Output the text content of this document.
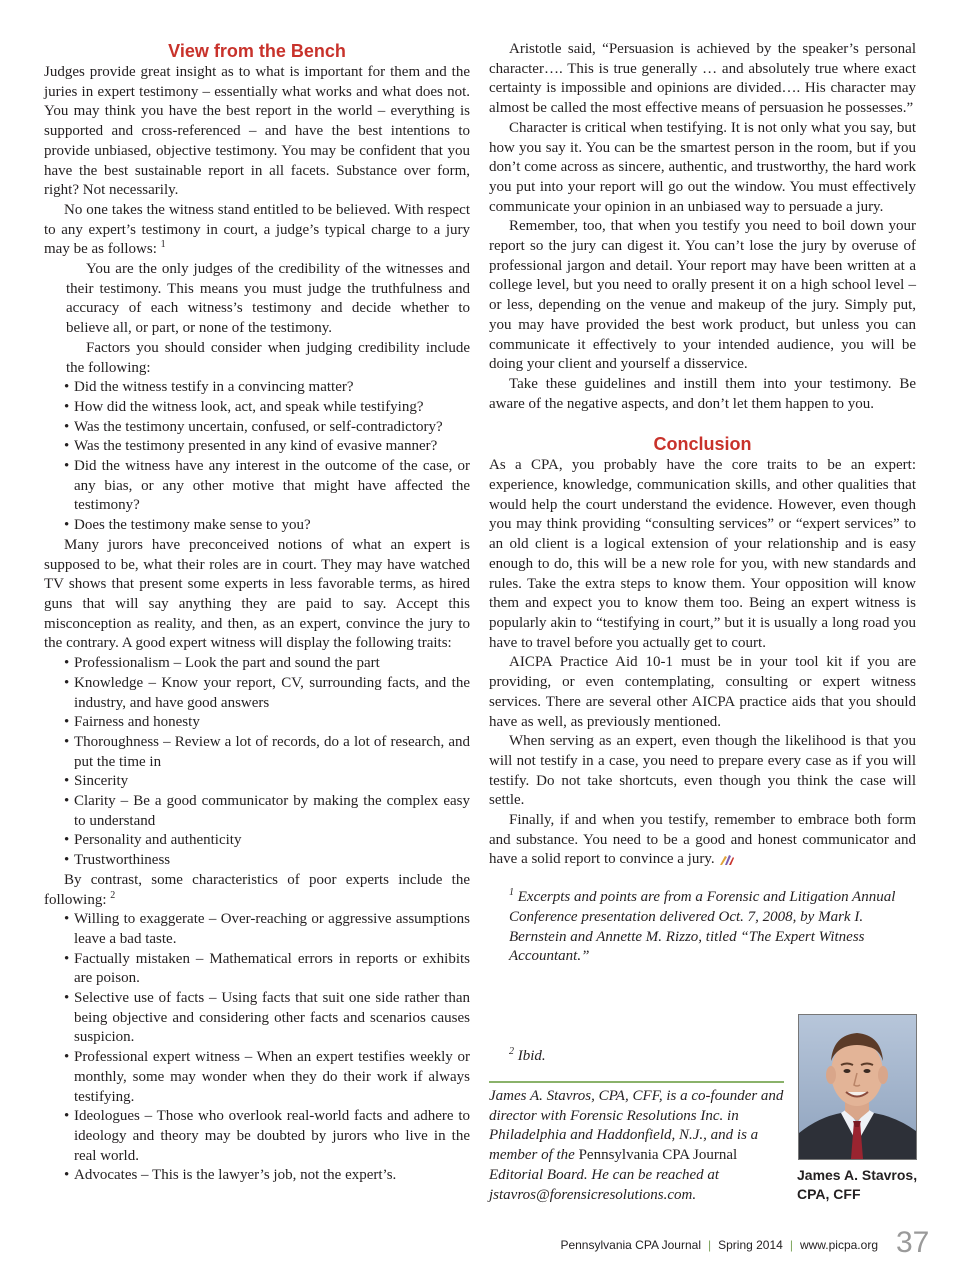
View from the Bench

Judges provide great insight as to what is important for them and the juries in expert testimony – essentially what works and what does not. You may think you have the best report in the world – everything is supported and cross-referenced – and have the best intentions to provide unbiased, objective testimony. You may be confident that you have the best sustainable report in all facets. Substance over form, right? Not necessarily.

No one takes the witness stand entitled to be believed. With respect to any expert’s testimony in court, a judge’s typical charge to a jury may be as follows: $^1$

You are the only judges of the credibility of the witnesses and their testimony. This means you must judge the truthfulness and accuracy of each witness’s testimony and decide whether to believe all, or part, or none of the testimony.

Factors you should consider when judging credibility include the following:

• Did the witness testify in a convincing matter?
• How did the witness look, act, and speak while testifying?
• Was the testimony uncertain, confused, or self-contradictory?
• Was the testimony presented in any kind of evasive manner?
• Did the witness have any interest in the outcome of the case, or any bias, or any other motive that might have affected the testimony?
• Does the testimony make sense to you?

Many jurors have preconceived notions of what an expert is supposed to be, what their roles are in court. They may have watched TV shows that present some experts in less favorable terms, as hired guns that will say anything they are paid to say. Accept this misconception as reality, and then, as an expert, convince the jury to the contrary. A good expert witness will display the following traits:

• Professionalism – Look the part and sound the part
• Knowledge – Know your report, CV, surrounding facts, and the industry, and have good answers
• Fairness and honesty
• Thoroughness – Review a lot of records, do a lot of research, and put the time in
• Sincerity
• Clarity – Be a good communicator by making the complex easy to understand
• Personality and authenticity
• Trustworthiness

By contrast, some characteristics of poor experts include the following: $^2$

• Willing to exaggerate – Over-reaching or aggressive assumptions leave a bad taste.
• Factually mistaken – Mathematical errors in reports or exhibits are poison.
• Selective use of facts – Using facts that suit one side rather than being objective and considering other facts and scenarios causes suspicion.
• Professional expert witness – When an expert testifies weekly or monthly, some may wonder when they do their work if always testifying.
• Ideologues – Those who overlook real-world facts and adhere to ideology and theory may be doubted by jurors who live in the real world.
• Advocates – This is the lawyer’s job, not the expert’s.

Aristotle said, “Persuasion is achieved by the speaker’s personal character…. This is true generally … and absolutely true where exact certainty is impossible and opinions are divided…. His character may almost be called the most effective means of persuasion he possesses.”

Character is critical when testifying. It is not only what you say, but how you say it. You can be the smartest person in the room, but if you don’t come across as sincere, authentic, and trustworthy, the hard work you put into your report will go out the window. You must effectively communicate your opinion in an unbiased way to persuade a jury.

Remember, too, that when you testify you need to boil down your report so the jury can digest it. You can’t lose the jury by overuse of professional jargon and detail. Your report may have been written at a college level, but you need to orally present it on a high school level – or less, depending on the venue and makeup of the jury. Simply put, you may have provided the best work product, but unless you can communicate it effectively to your intended audience, you will be doing your client and yourself a disservice.

Take these guidelines and instill them into your testimony. Be aware of the negative aspects, and don’t let them happen to you.

Conclusion

As a CPA, you probably have the core traits to be an expert: experience, knowledge, communication skills, and other qualities that would help the court understand the evidence. However, even though you may think providing “consulting services” or “expert services” to an old client is a logical extension of your relationship and is easy enough to do, this will be a new role for you, with new standards and rules. Take the extra steps to know them. Your opposition will know them and expect you to know them too. Being an expert witness is popularly akin to “testifying in court,” but it is usually a long road you have to travel before you actually get to court.

AICPA Practice Aid 10-1 must be in your tool kit if you are providing, or even contemplating, consulting or expert witness services. There are several other AICPA practice aids that you should have as well, as previously mentioned.

When serving as an expert, even though the likelihood is that you will not testify in a case, you need to prepare every case as if you will testify. Do not take shortcuts, even though you think the case will settle.

Finally, if and when you testify, remember to embrace both form and substance. You need to be a good and honest communicator and have a solid report to convince a jury.

$^1$ Excerpts and points are from a Forensic and Litigation Annual Conference presentation delivered Oct. 7, 2008, by Mark I. Bernstein and Annette M. Rizzo, titled “The Expert Witness Accountant.”

$^2$ Ibid.

James A. Stavros, CPA, CFF, is a co-founder and director with Forensic Resolutions Inc. in Philadelphia and Haddonfield, N.J., and is a member of the Pennsylvania CPA Journal Editorial Board. He can be reached at jstavros@forensicresolutions.com.
James A. Stavros,
CPA, CFF
Pennsylvania CPA Journal | Spring 2014 | www.picpa.org 37
